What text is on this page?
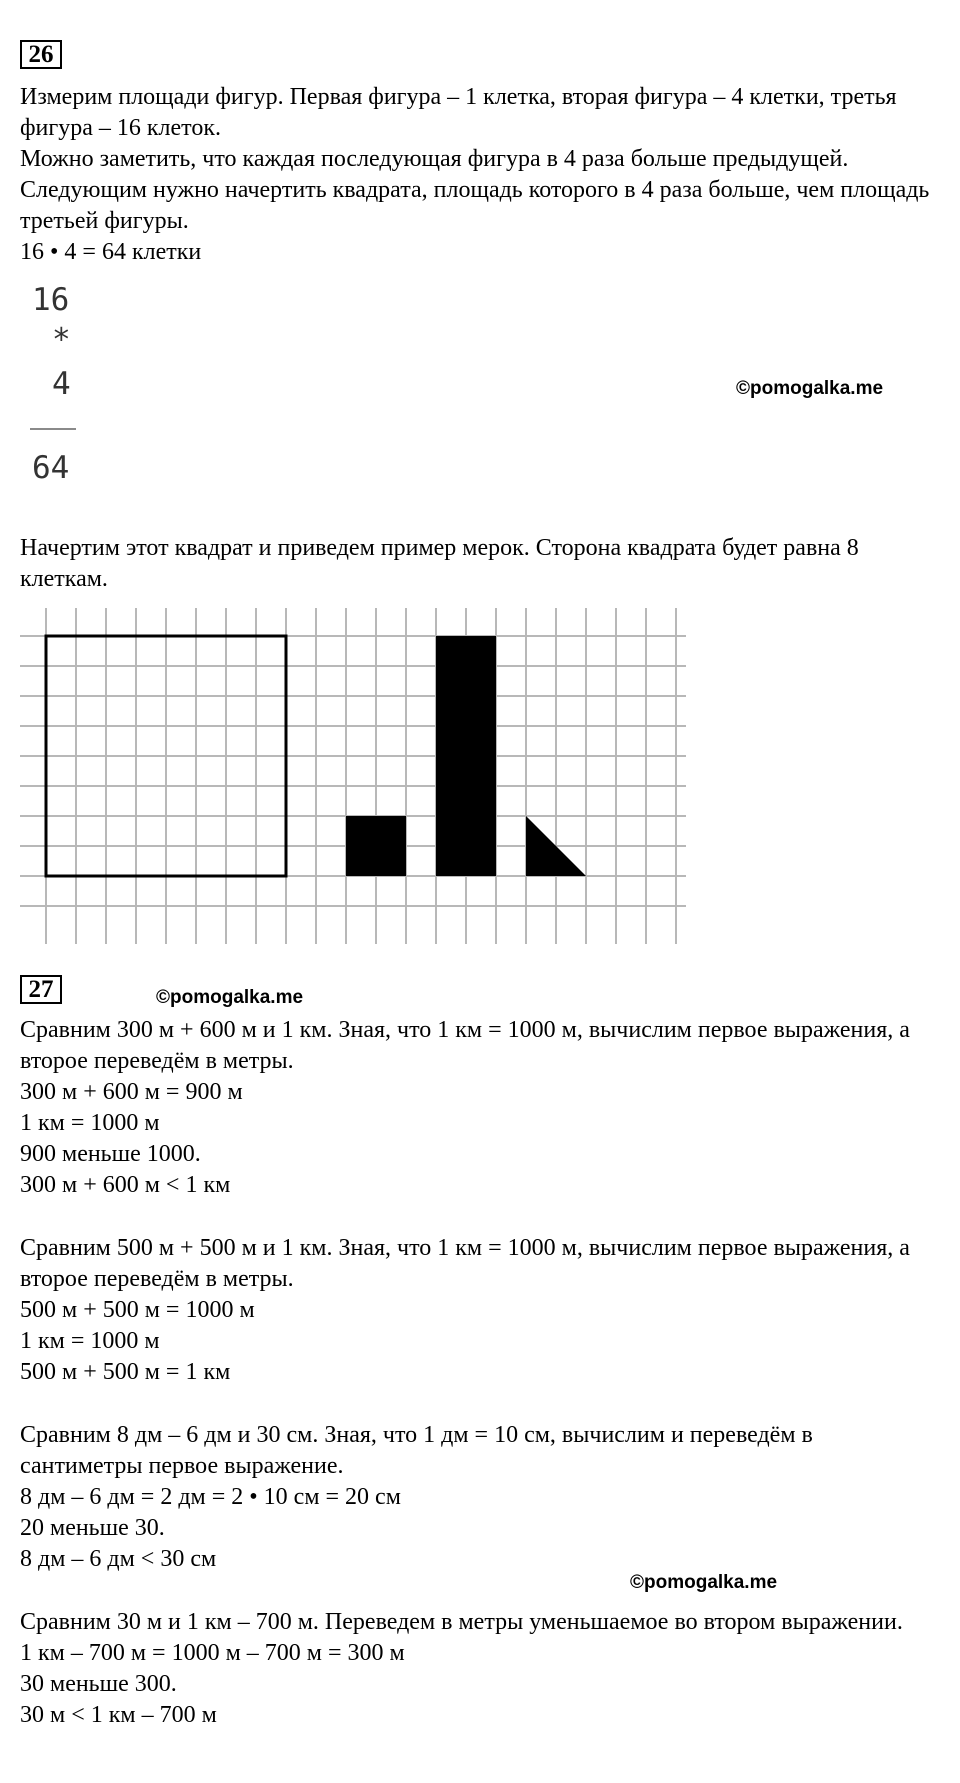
26

Измерим площади фигур. Первая фигура – 1 клетка, вторая фигура – 4 клетки, третья фигура – 16 клеток.

Можно заметить, что каждая последующая фигура в 4 раза больше предыдущей. Следующим нужно начертить квадрата, площадь которого в 4 раза больше, чем площадь третьей фигуры.

16 • 4 = 64 клетки

16
*
4
64
©pomogalka.me

Начертим этот квадрат и приведем пример мерок. Сторона квадрата будет равна 8 клеткам.

27	©pomogalka.me

Сравним 300 м + 600 м и 1 км. Зная, что 1 км = 1000 м, вычислим первое выражения, а второе переведём в метры.

300 м + 600 м = 900 м

1 км = 1000 м

900 меньше 1000.

300 м + 600 м < 1 км

Сравним 500 м + 500 м и 1 км. Зная, что 1 км = 1000 м, вычислим первое выражения, а второе переведём в метры.

500 м + 500 м = 1000 м

1 км = 1000 м

500 м + 500 м = 1 км

Сравним 8 дм – 6 дм и 30 см. Зная, что 1 дм = 10 см, вычислим и переведём в сантиметры первое выражение.

8 дм – 6 дм = 2 дм = 2 • 10 см = 20 см

20 меньше 30.

8 дм – 6 дм < 30 см

©pomogalka.me

Сравним 30 м и 1 км – 700 м. Переведем в метры уменьшаемое во втором выражении.

1 км – 700 м = 1000 м – 700 м = 300 м

30 меньше 300.

30 м < 1 км – 700 м
